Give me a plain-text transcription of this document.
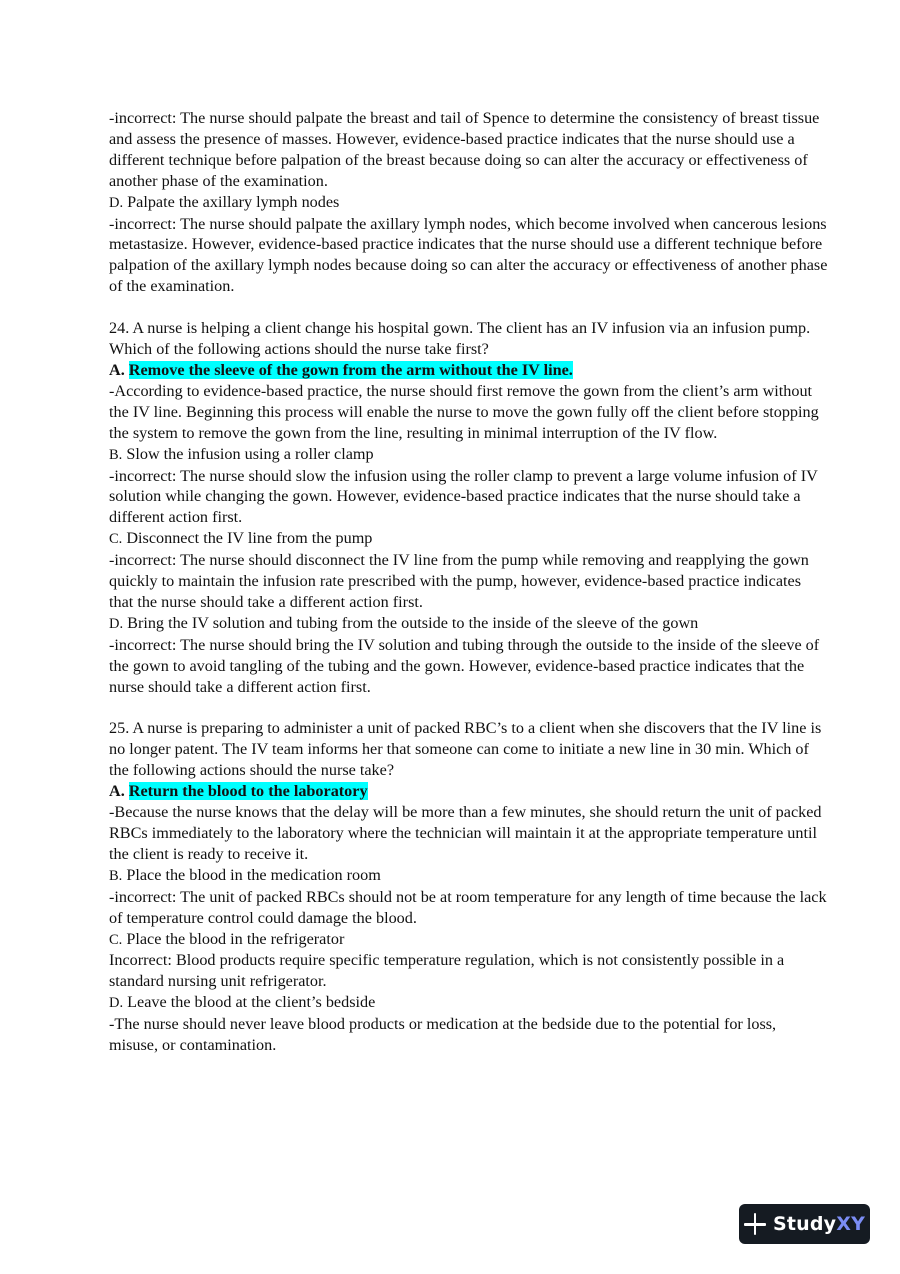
-incorrect: The nurse should palpate the breast and tail of Spence to determine the consistency of breast tissue and assess the presence of masses. However, evidence-based practice indicates that the nurse should use a different technique before palpation of the breast because doing so can alter the accuracy or effectiveness of another phase of the examination.

D. Palpate the axillary lymph nodes

-incorrect: The nurse should palpate the axillary lymph nodes, which become involved when cancerous lesions metastasize. However, evidence-based practice indicates that the nurse should use a different technique before palpation of the axillary lymph nodes because doing so can alter the accuracy or effectiveness of another phase of the examination.

24. A nurse is helping a client change his hospital gown. The client has an IV infusion via an infusion pump. Which of the following actions should the nurse take first?

A. Remove the sleeve of the gown from the arm without the IV line.

-According to evidence-based practice, the nurse should first remove the gown from the client’s arm without the IV line. Beginning this process will enable the nurse to move the gown fully off the client before stopping the system to remove the gown from the line, resulting in minimal interruption of the IV flow.

B. Slow the infusion using a roller clamp

-incorrect: The nurse should slow the infusion using the roller clamp to prevent a large volume infusion of IV solution while changing the gown. However, evidence-based practice indicates that the nurse should take a different action first.

C. Disconnect the IV line from the pump

-incorrect: The nurse should disconnect the IV line from the pump while removing and reapplying the gown quickly to maintain the infusion rate prescribed with the pump, however, evidence-based practice indicates that the nurse should take a different action first.

D. Bring the IV solution and tubing from the outside to the inside of the sleeve of the gown

-incorrect: The nurse should bring the IV solution and tubing through the outside to the inside of the sleeve of the gown to avoid tangling of the tubing and the gown. However, evidence-based practice indicates that the nurse should take a different action first.

25. A nurse is preparing to administer a unit of packed RBC’s to a client when she discovers that the IV line is no longer patent. The IV team informs her that someone can come to initiate a new line in 30 min. Which of the following actions should the nurse take?

A. Return the blood to the laboratory

-Because the nurse knows that the delay will be more than a few minutes, she should return the unit of packed RBCs immediately to the laboratory where the technician will maintain it at the appropriate temperature until the client is ready to receive it.

B. Place the blood in the medication room

-incorrect: The unit of packed RBCs should not be at room temperature for any length of time because the lack of temperature control could damage the blood.

C. Place the blood in the refrigerator

Incorrect: Blood products require specific temperature regulation, which is not consistently possible in a standard nursing unit refrigerator.

D. Leave the blood at the client’s bedside

-The nurse should never leave blood products or medication at the bedside due to the potential for loss, misuse, or contamination.

Study XY
